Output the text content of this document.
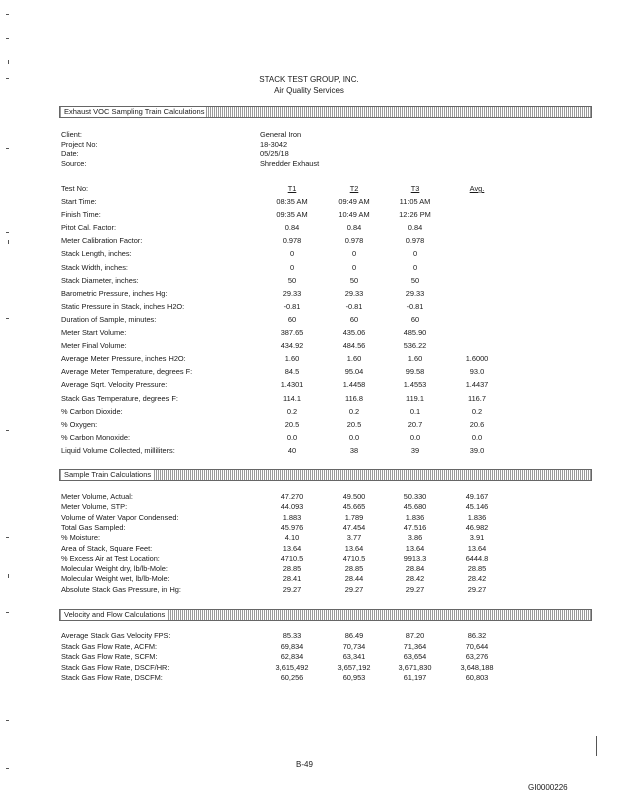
STACK TEST GROUP, INC.
Air Quality Services
Exhaust VOC Sampling Train Calculations
Client:	General Iron
Project No:	18-3042
Date:	05/25/18
Source:	Shredder Exhaust
Test No:	T1	T2	T3	Avg.
Start Time:	08:35 AM	09:49 AM	11:05 AM
Finish Time:	09:35 AM	10:49 AM	12:26 PM
Pitot Cal. Factor:	0.84	0.84	0.84
Meter Calibration Factor:	0.978	0.978	0.978
Stack Length, inches:	0	0	0
Stack Width, inches:	0	0	0
Stack Diameter, inches:	50	50	50
Barometric Pressure, inches Hg:	29.33	29.33	29.33
Static Pressure in Stack, inches H2O:	-0.81	-0.81	-0.81
Duration of Sample, minutes:	60	60	60
Meter Start Volume:	387.65	435.06	485.90
Meter Final Volume:	434.92	484.56	536.22
Average Meter Pressure, inches H2O:	1.60	1.60	1.60	1.6000
Average Meter Temperature, degrees F:	84.5	95.04	99.58	93.0
Average Sqrt. Velocity Pressure:	1.4301	1.4458	1.4553	1.4437
Stack Gas Temperature, degrees F:	114.1	116.8	119.1	116.7
% Carbon Dioxide:	0.2	0.2	0.1	0.2
% Oxygen:	20.5	20.5	20.7	20.6
% Carbon Monoxide:	0.0	0.0	0.0	0.0
Liquid Volume Collected, milliliters:	40	38	39	39.0
Sample Train Calculations
Meter Volume, Actual:	47.270	49.500	50.330	49.167
Meter Volume, STP:	44.093	45.665	45.680	45.146
Volume of Water Vapor Condensed:	1.883	1.789	1.836	1.836
Total Gas Sampled:	45.976	47.454	47.516	46.982
% Moisture:	4.10	3.77	3.86	3.91
Area of Stack, Square Feet:	13.64	13.64	13.64	13.64
% Excess Air at Test Location:	4710.5	4710.5	9913.3	6444.8
Molecular Weight dry, lb/lb-Mole:	28.85	28.85	28.84	28.85
Molecular Weight wet, lb/lb-Mole:	28.41	28.44	28.42	28.42
Absolute Stack Gas Pressure, in Hg:	29.27	29.27	29.27	29.27
Velocity and Flow Calculations
Average Stack Gas Velocity FPS:	85.33	86.49	87.20	86.32
Stack Gas Flow Rate, ACFM:	69,834	70,734	71,364	70,644
Stack Gas Flow Rate, SCFM:	62,834	63,341	63,654	63,276
Stack Gas Flow Rate, DSCF/HR:	3,615,492	3,657,192	3,671,830	3,648,188
Stack Gas Flow Rate, DSCFM:	60,256	60,953	61,197	60,803
B-49
GI0000226
